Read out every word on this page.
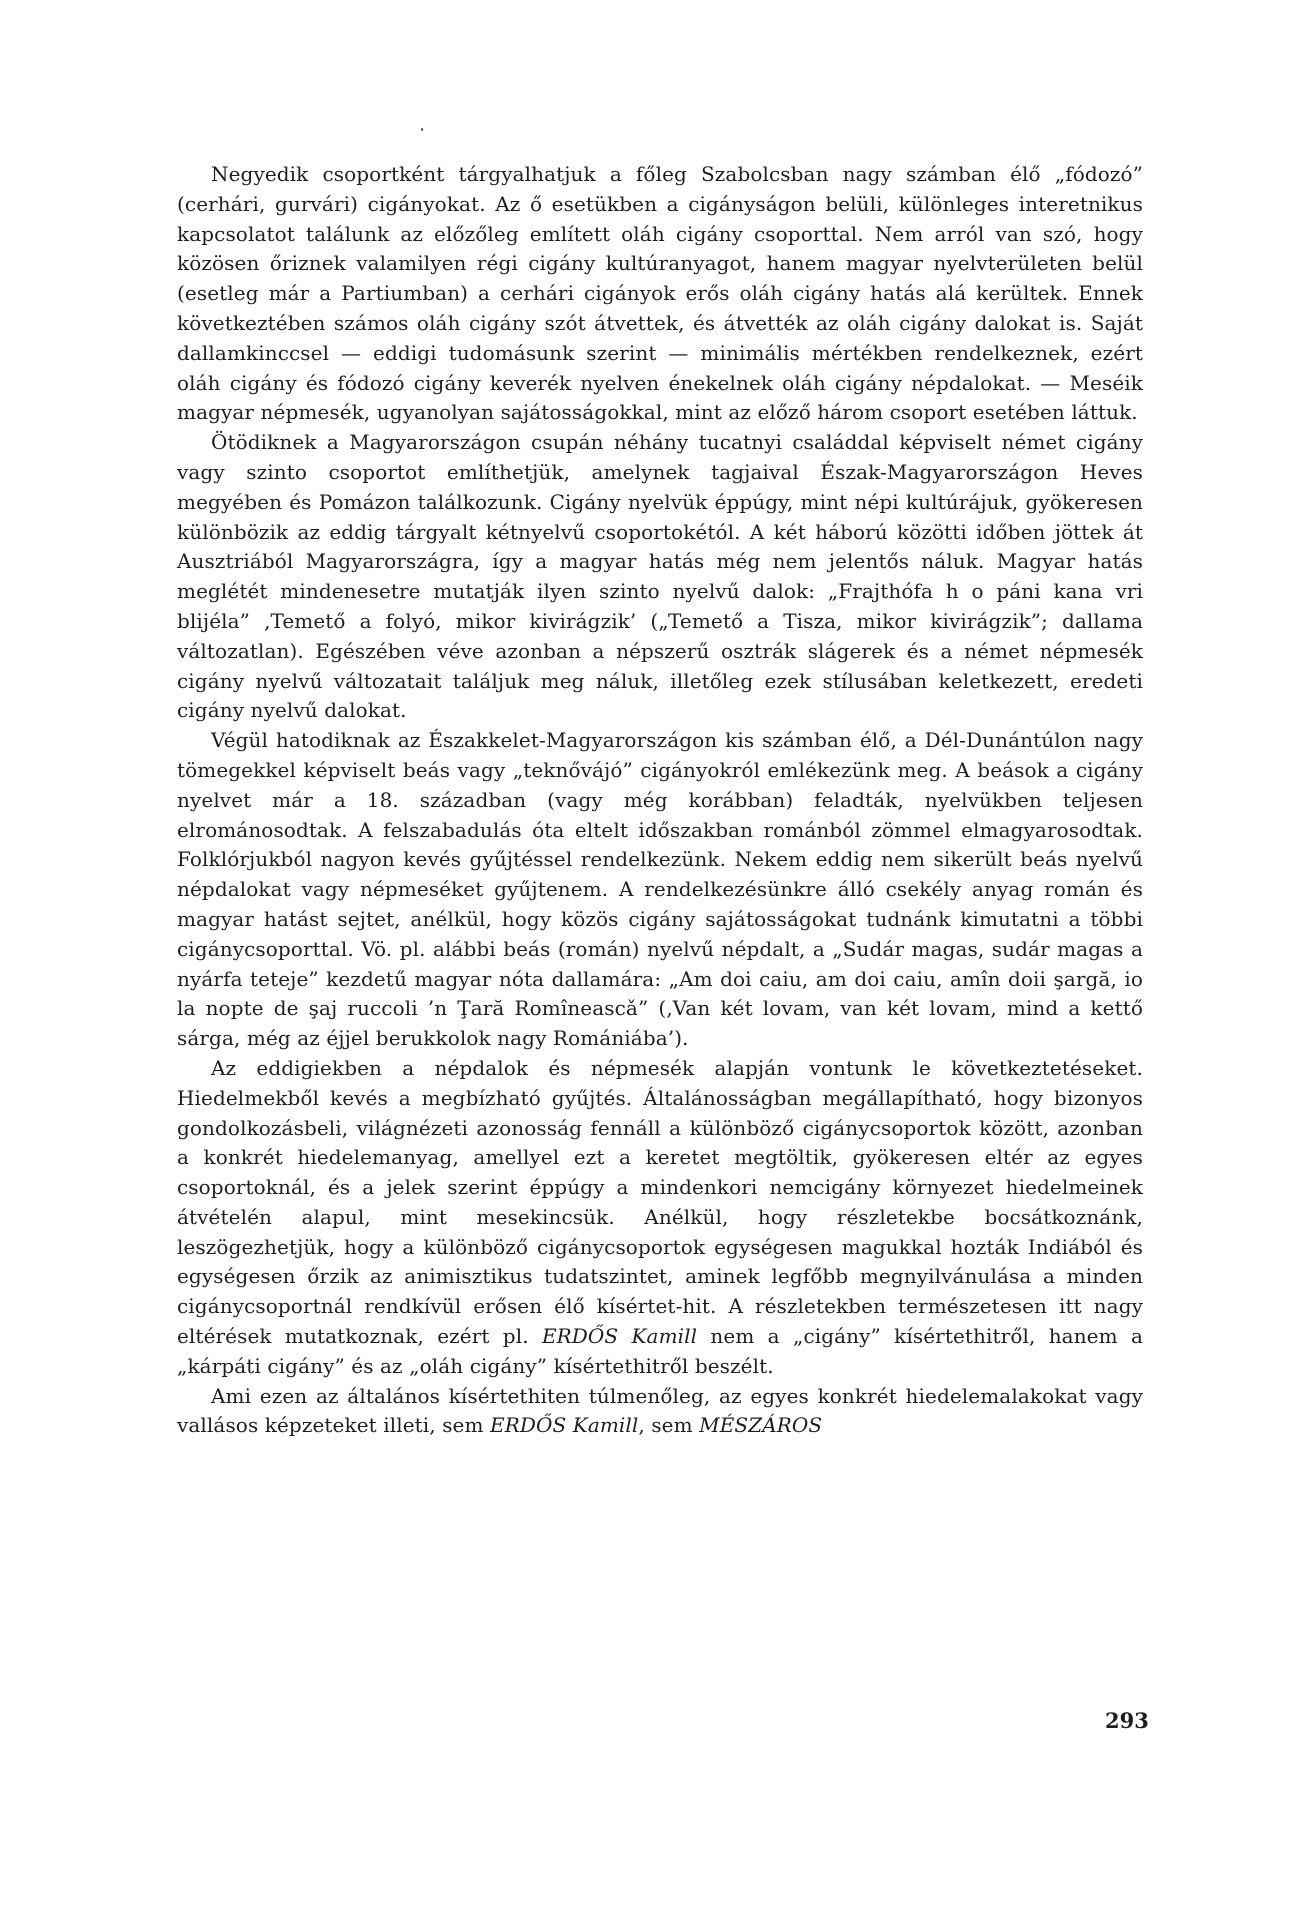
Negyedik csoportként tárgyalhatjuk a főleg Szabolcsban nagy számban élő „fódozó” (cerhári, gurvári) cigányokat. Az ő esetükben a cigányságon belüli, különleges interetnikus kapcsolatot találunk az előzőleg említett oláh cigány csoporttal. Nem arról van szó, hogy közösen őriznek valamilyen régi cigány kultúranyagot, hanem magyar nyelvterületen belül (esetleg már a Partiumban) a cerhári cigányok erős oláh cigány hatás alá kerültek. Ennek következtében számos oláh cigány szót átvettek, és átvették az oláh cigány dalokat is. Saját dallamkinccsel — eddigi tudomásunk szerint — minimális mértékben rendelkeznek, ezért oláh cigány és fódozó cigány keverék nyelven énekelnek oláh cigány népdalokat. — Meséik magyar népmesék, ugyanolyan sajátosságokkal, mint az előző három csoport esetében láttuk.

Ötödiknek a Magyarországon csupán néhány tucatnyi családdal képviselt német cigány vagy szinto csoportot említhetjük, amelynek tagjaival Észak-Magyarországon Heves megyében és Pomázon találkozunk. Cigány nyelvük éppúgy, mint népi kultúrájuk, gyökeresen különbözik az eddig tárgyalt kétnyelvű csoportokétól. A két háború közötti időben jöttek át Ausztriából Magyarországra, így a magyar hatás még nem jelentős náluk. Magyar hatás meglétét mindenesetre mutatják ilyen szinto nyelvű dalok: „Frajthófa h o páni kana vri blijéla” ‚Temető a folyó, mikor kivirágzik’ („Temető a Tisza, mikor kivirágzik”; dallama változatlan). Egészében véve azonban a népszerű osztrák slágerek és a német népmesék cigány nyelvű változatait találjuk meg náluk, illetőleg ezek stílusában keletkezett, eredeti cigány nyelvű dalokat.

Végül hatodiknak az Északkelet-Magyarországon kis számban élő, a Dél-Dunántúlon nagy tömegekkel képviselt beás vagy „teknővájó” cigányokról emlékezünk meg. A beások a cigány nyelvet már a 18. században (vagy még korábban) feladták, nyelvükben teljesen elrománosodtak. A felszabadulás óta eltelt időszakban románból zömmel elmagyarosodtak. Folklórjukból nagyon kevés gyűjtéssel rendelkezünk. Nekem eddig nem sikerült beás nyelvű népdalokat vagy népmeséket gyűjtenem. A rendelkezésünkre álló csekély anyag román és magyar hatást sejtet, anélkül, hogy közös cigány sajátosságokat tudnánk kimutatni a többi cigánycsoporttal. Vö. pl. alábbi beás (román) nyelvű népdalt, a „Sudár magas, sudár magas a nyárfa teteje” kezdetű magyar nóta dallamára: „Am doi caiu, am doi caiu, amîn doii şargă, io la nopte de şaj ruccoli ’n Ţară Romîneascǎ” (‚Van két lovam, van két lovam, mind a kettő sárga, még az éjjel berukkolok nagy Romániába’).

Az eddigiekben a népdalok és népmesék alapján vontunk le következtetéseket. Hiedelmekből kevés a megbízható gyűjtés. Általánosságban megállapítható, hogy bizonyos gondolkozásbeli, világnézeti azonosság fennáll a különböző cigánycsoportok között, azonban a konkrét hiedelemanyag, amellyel ezt a keretet megtöltik, gyökeresen eltér az egyes csoportoknál, és a jelek szerint éppúgy a mindenkori nemcigány környezet hiedelmeinek átvételén alapul, mint mesekincsük. Anélkül, hogy részletekbe bocsátkoznánk, leszögezhetjük, hogy a különböző cigánycsoportok egységesen magukkal hozták Indiából és egységesen őrzik az animisztikus tudatszintet, aminek legfőbb megnyilvánulása a minden cigánycsoportnál rendkívül erősen élő kísértet-hit. A részletekben természetesen itt nagy eltérések mutatkoznak, ezért pl. ERDŐS Kamill nem a „cigány” kísértethitről, hanem a „kárpáti cigány” és az „oláh cigány” kísértethitről beszélt.

Ami ezen az általános kísértethiten túlmenőleg, az egyes konkrét hiedelemalakokat vagy vallásos képzeteket illeti, sem ERDŐS Kamill, sem MÉSZÁROS

293
